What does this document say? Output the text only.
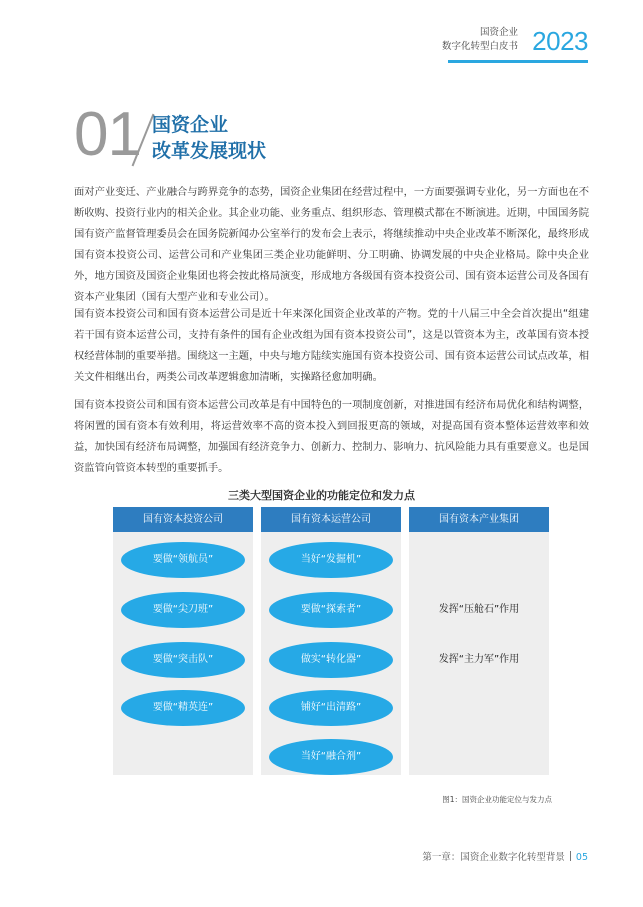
国资企业
数字化转型白皮书 2023
01 国资企业
改革发展现状

面对产业变迁、产业融合与跨界竞争的态势，国资企业集团在经营过程中，一方面要强调专业化，另一方面也在不断收购、投资行业内的相关企业。其企业功能、业务重点、组织形态、管理模式都在不断演进。近期，中国国务院国有资产监督管理委员会在国务院新闻办公室举行的发布会上表示，将继续推动中央企业改革不断深化，最终形成国有资本投资公司、运营公司和产业集团三类企业功能鲜明、分工明确、协调发展的中央企业格局。除中央企业外，地方国资及国资企业集团也将会按此格局演变，形成地方各级国有资本投资公司、国有资本运营公司及各国有资本产业集团（国有大型产业和专业公司）。

国有资本投资公司和国有资本运营公司是近十年来深化国资企业改革的产物。党的十八届三中全会首次提出“组建若干国有资本运营公司，支持有条件的国有企业改组为国有资本投资公司”，这是以管资本为主，改革国有资本授权经营体制的重要举措。围绕这一主题，中央与地方陆续实施国有资本投资公司、国有资本运营公司试点改革，相关文件相继出台，两类公司改革逻辑愈加清晰，实操路径愈加明确。

国有资本投资公司和国有资本运营公司改革是有中国特色的一项制度创新，对推进国有经济布局优化和结构调整，将闲置的国有资本有效利用，将运营效率不高的资本投入到回报更高的领域，对提高国有资本整体运营效率和效益，加快国有经济布局调整，加强国有经济竞争力、创新力、控制力、影响力、抗风险能力具有重要意义。也是国资监管向管资本转型的重要抓手。

三类大型国资企业的功能定位和发力点
国有资本投资公司
要做“领航员”
要做“尖刀班”
要做“突击队”
要做“精英连”
国有资本运营公司
当好“发掘机”
要做“探索者”
做实“转化器”
铺好“出清路”
当好“融合剂”
国有资本产业集团
发挥“压舱石”作用
发挥“主力军”作用
图1：国资企业功能定位与发力点
第一章：国资企业数字化转型背景 05
